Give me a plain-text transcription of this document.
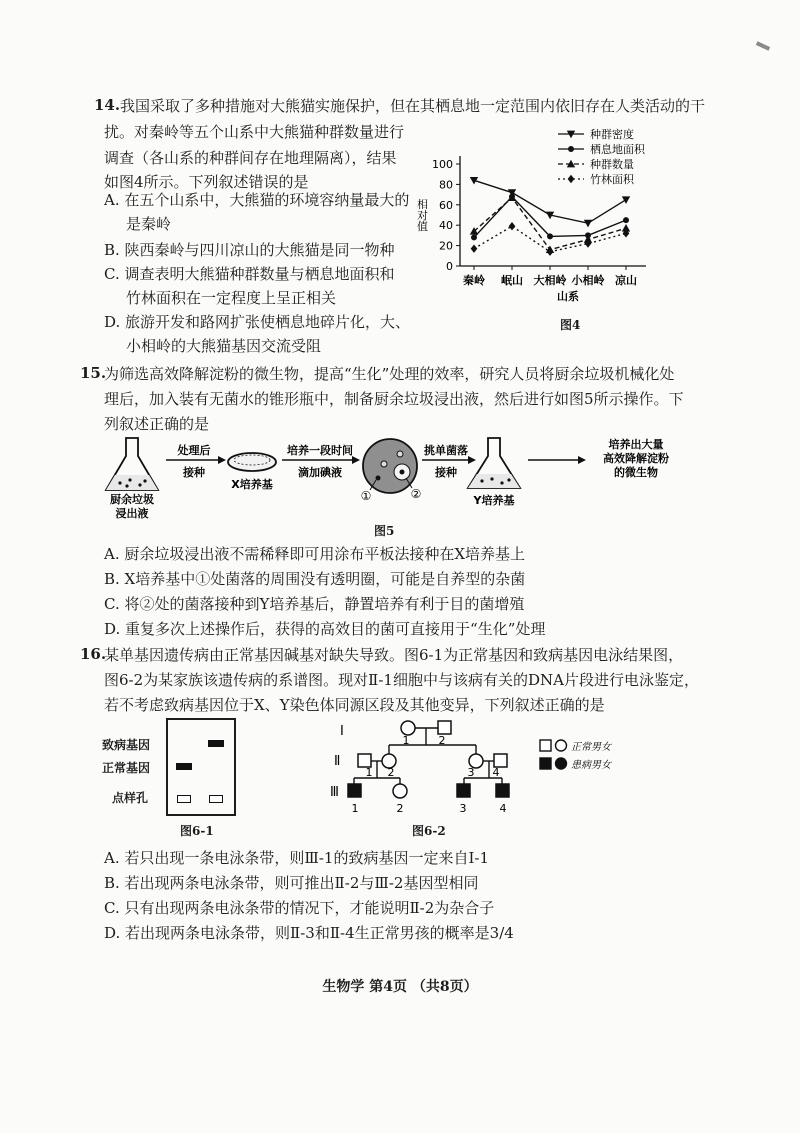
14. 我国采取了多种措施对大熊猫实施保护，但在其栖息地一定范围内依旧存在人类活动的干
扰。对秦岭等五个山系中大熊猫种群数量进行
调查（各山系的种群间存在地理隔离），结果
如图4所示。下列叙述错误的是
A. 在五个山系中，大熊猫的环境容纳量最大的
是秦岭
B. 陕西秦岭与四川凉山的大熊猫是同一物种
C. 调查表明大熊猫种群数量与栖息地面积和
竹林面积在一定程度上呈正相关
D. 旅游开发和路网扩张使栖息地碎片化，大、
小相岭的大熊猫基因交流受阻
0
20
40
60
80
100
秦岭 岷山 大相岭 小相岭 凉山
山系
相对值
种群密度
栖息地面积
种群数量
竹林面积
图4
15.
为筛选高效降解淀粉的微生物，提高“生化”处理的效率，研究人员将厨余垃圾机械化处
理后，加入装有无菌水的锥形瓶中，制备厨余垃圾浸出液，然后进行如图5所示操作。下
列叙述正确的是
厨余垃圾
浸出液
处理后
接种
X培养基
培养一段时间
滴加碘液
①	②
挑单菌落
接种
Y培养基
培养出大量
高效降解淀粉
的微生物
图5
A. 厨余垃圾浸出液不需稀释即可用涂布平板法接种在X培养基上
B. X培养基中①处菌落的周围没有透明圈，可能是自养型的杂菌
C. 将②处的菌落接种到Y培养基后，静置培养有利于目的菌增殖
D. 重复多次上述操作后，获得的高效目的菌可直接用于“生化”处理
16.
某单基因遗传病由正常基因碱基对缺失导致。图6-1为正常基因和致病基因电泳结果图，
图6-2为某家族该遗传病的系谱图。现对Ⅱ-1细胞中与该病有关的DNA片段进行电泳鉴定，
若不考虑致病基因位于X、Y染色体同源区段及其他变异，下列叙述正确的是
致病基因
正常基因
点样孔
图6-1
Ⅰ
Ⅱ
Ⅲ
1	2
1 2	3 4
1	2	3	4
正常男女
患病男女
图6-2
A. 若只出现一条电泳条带，则Ⅲ-1的致病基因一定来自Ⅰ-1
B. 若出现两条电泳条带，则可推出Ⅱ-2与Ⅲ-2基因型相同
C. 只有出现两条电泳条带的情况下，才能说明Ⅱ-2为杂合子
D. 若出现两条电泳条带，则Ⅱ-3和Ⅱ-4生正常男孩的概率是3/4
生物学 第4页 （共8页）
